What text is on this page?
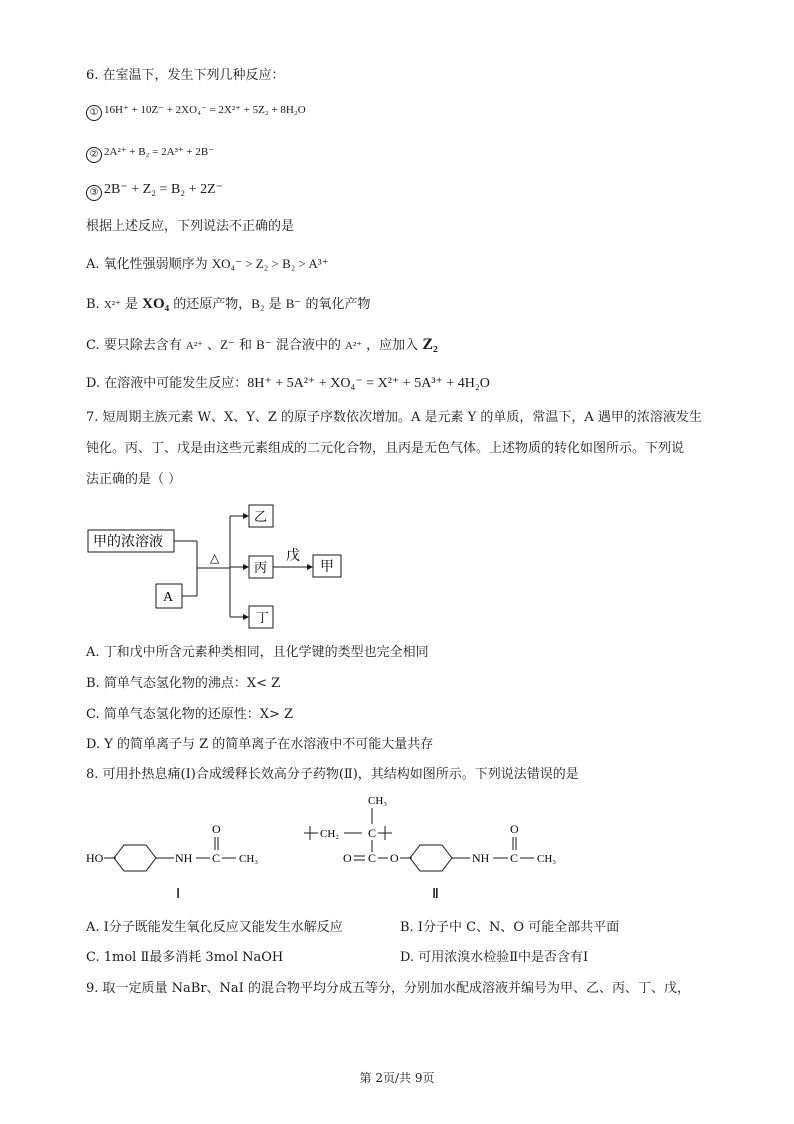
6. 在室温下，发生下列几种反应：
① 16H⁺ + 10Z⁻ + 2XO₄⁻ = 2X²⁺ + 5Z₂ + 8H₂O
② 2A²⁺ + B₂ = 2A³⁺ + 2B⁻
③ 2B⁻ + Z₂ = B₂ + 2Z⁻
根据上述反应，下列说法不正确的是
A. 氧化性强弱顺序为 XO₄⁻ > Z₂ > B₂ > A³⁺
B. X²⁺ 是 XO₄ 的还原产物，B₂ 是 B⁻ 的氧化产物
C. 要只除去含有 A²⁺ 、Z⁻ 和 B⁻ 混合液中的 A²⁺ ，应加入 Z₂
D. 在溶液中可能发生反应：8H⁺ + 5A²⁺ + XO₄⁻ = X²⁺ + 5A³⁺ + 4H₂O
7. 短周期主族元素 W、X、Y、Z 的原子序数依次增加。A 是元素 Y 的单质，常温下，A 遇甲的浓溶液发生
钝化。丙、丁、戊是由这些元素组成的二元化合物，且丙是无色气体。上述物质的转化如图所示。下列说
法正确的是（ ）
甲的浓溶液
A
△
乙
丙
丁
戊
甲
A. 丁和戊中所含元素种类相同，且化学键的类型也完全相同
B. 简单气态氢化物的沸点：X< Z
C. 简单气态氢化物的还原性：X> Z
D. Y 的简单离子与 Z 的简单离子在水溶液中不可能大量共存
8. 可用扑热息痛(Ⅰ)合成缓释长效高分子药物(Ⅱ)，其结构如图所示。下列说法错误的是
HO	NH C
O
CH₃
Ⅰ
CH₃
CH₂ C
O C O	NH C
O
CH₃
Ⅱ
A. Ⅰ分子既能发生氧化反应又能发生水解反应	B. Ⅰ分子中 C、N、O 可能全部共平面
C. 1mol Ⅱ最多消耗 3mol NaOH	D. 可用浓溴水检验Ⅱ中是否含有Ⅰ
9. 取一定质量 NaBr、NaI 的混合物平均分成五等分，分别加水配成溶液并编号为甲、乙、丙、丁、戊，
第 2页/共 9页
